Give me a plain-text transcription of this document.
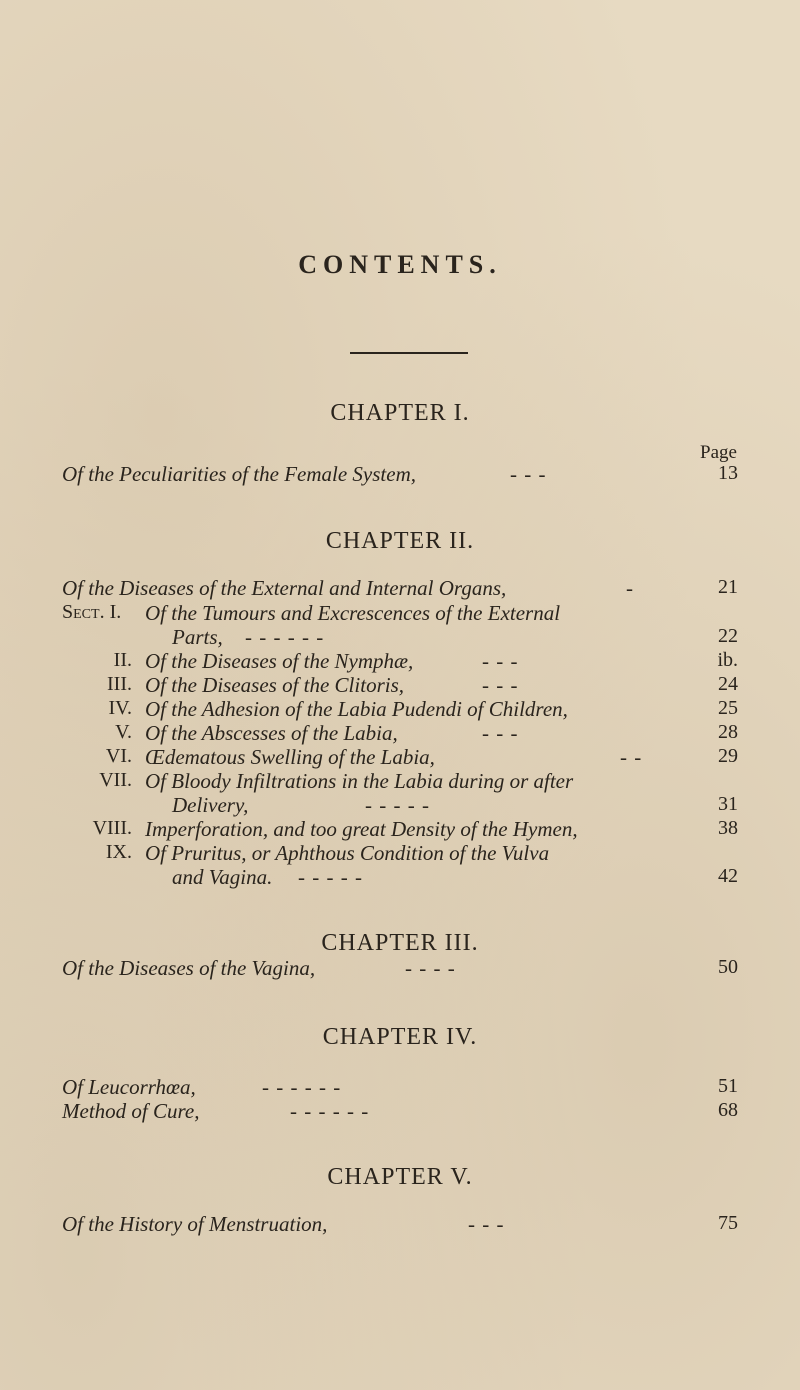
CONTENTS.
CHAPTER I.
Page
Of the Peculiarities of the Female System,	- - -	13
CHAPTER II.
Of the Diseases of the External and Internal Organs,	-	21
Sect. I.	Of the Tumours and Excrescences of the External
Parts, - - - - - -	22
II. Of the Diseases of the Nymphæ,	- - -	ib.
III. Of the Diseases of the Clitoris,	- - -	24
IV. Of the Adhesion of the Labia Pudendi of Children,	25
V. Of the Abscesses of the Labia,	- - -	28
VI. Œdematous Swelling of the Labia,	- -	29
VII. Of Bloody Infiltrations in the Labia during or after
Delivery,	- - - - -	31
VIII. Imperforation, and too great Density of the Hymen,	38
IX. Of Pruritus, or Aphthous Condition of the Vulva
and Vagina. - - - - -	42
CHAPTER III.
Of the Diseases of the Vagina,	- - - -	50
CHAPTER IV.
Of Leucorrhœa,	- - - - - -	51
Method of Cure,	- - - - - -	68
CHAPTER V.
Of the History of Menstruation,	- - -	75
